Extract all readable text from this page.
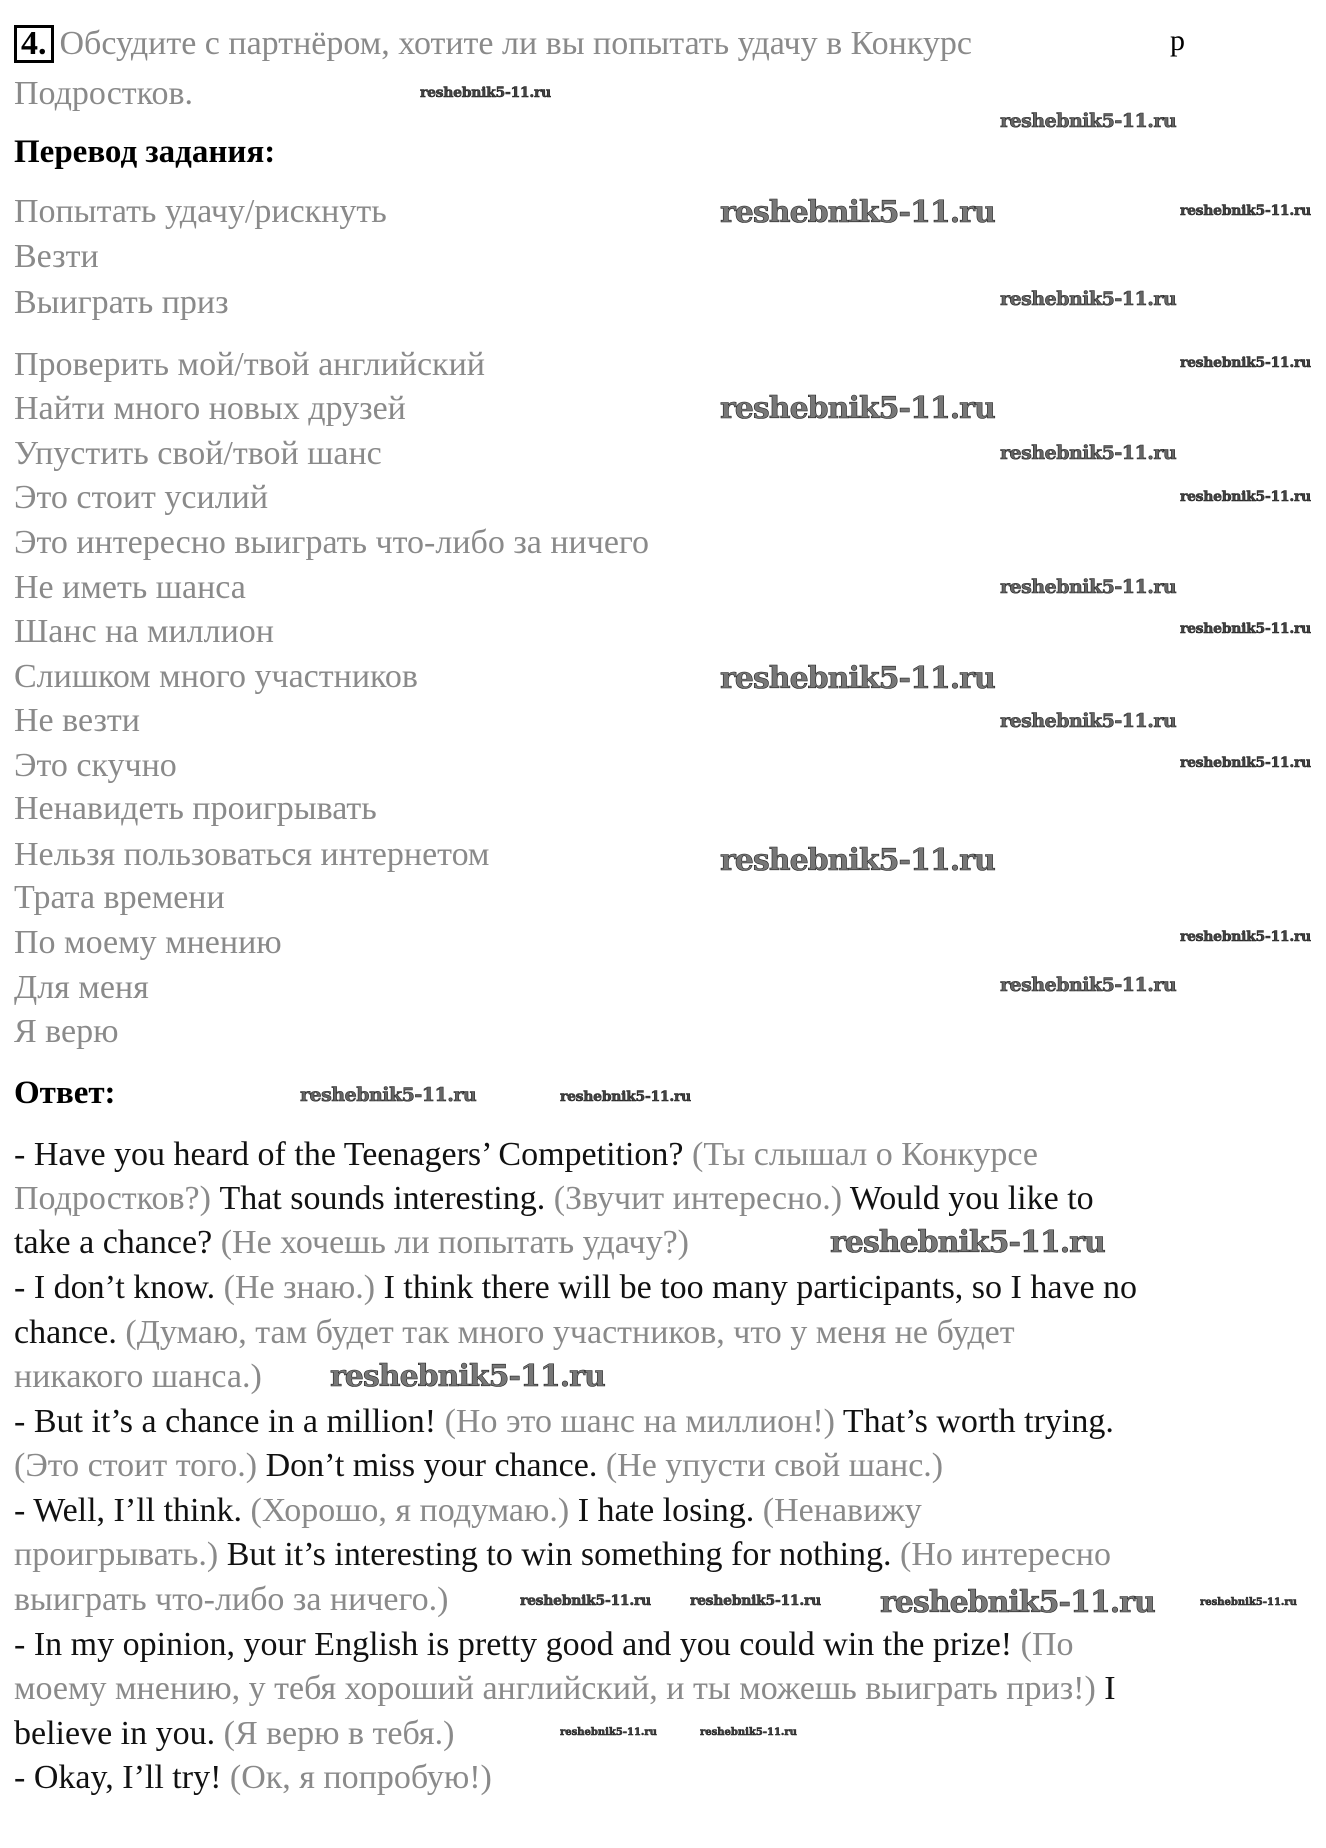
4. Обсудите с партнёром, хотите ли вы попытать удачу в Конкурс	р
Подростков.
Перевод задания:
Попытать удачу/рискнуть
Везти
Выиграть приз
Проверить мой/твой английский
Найти много новых друзей
Упустить свой/твой шанс
Это стоит усилий
Это интересно выиграть что-либо за ничего
Не иметь шанса
Шанс на миллион
Слишком много участников
Не везти
Это скучно
Ненавидеть проигрывать
Нельзя пользоваться интернетом
Трата времени
По моему мнению
Для меня
Я верю
Ответ:
- Have you heard of the Teenagers’ Competition? (Ты слышал о Конкурсе
Подростков?) That sounds interesting. (Звучит интересно.) Would you like to
take a chance? (Не хочешь ли попытать удачу?)
- I don’t know. (Не знаю.) I think there will be too many participants, so I have no
chance. (Думаю, там будет так много участников, что у меня не будет
никакого шанса.)
- But it’s a chance in a million! (Но это шанс на миллион!) That’s worth trying.
(Это стоит того.) Don’t miss your chance. (Не упусти свой шанс.)
- Well, I’ll think. (Хорошо, я подумаю.) I hate losing. (Ненавижу
проигрывать.) But it’s interesting to win something for nothing. (Но интересно
выиграть что-либо за ничего.)
- In my opinion, your English is pretty good and you could win the prize! (По
моему мнению, у тебя хороший английский, и ты можешь выиграть приз!) I
believe in you. (Я верю в тебя.)
- Okay, I’ll try! (Ок, я попробую!)
reshebnik5-11.ru
reshebnik5-11.ru
reshebnik5-11.ru
reshebnik5-11.ru
reshebnik5-11.ru
reshebnik5-11.ru
reshebnik5-11.ru
reshebnik5-11.ru
reshebnik5-11.ru
reshebnik5-11.ru
reshebnik5-11.ru
reshebnik5-11.ru
reshebnik5-11.ru
reshebnik5-11.ru
reshebnik5-11.ru
reshebnik5-11.ru
reshebnik5-11.ru
reshebnik5-11.ru	reshebnik5-11.ru
reshebnik5-11.ru
reshebnik5-11.ru
reshebnik5-11.ru	reshebnik5-11.ru	reshebnik5-11.ru
reshebnik5-11.ru
reshebnik5-11.ru	reshebnik5-11.ru
